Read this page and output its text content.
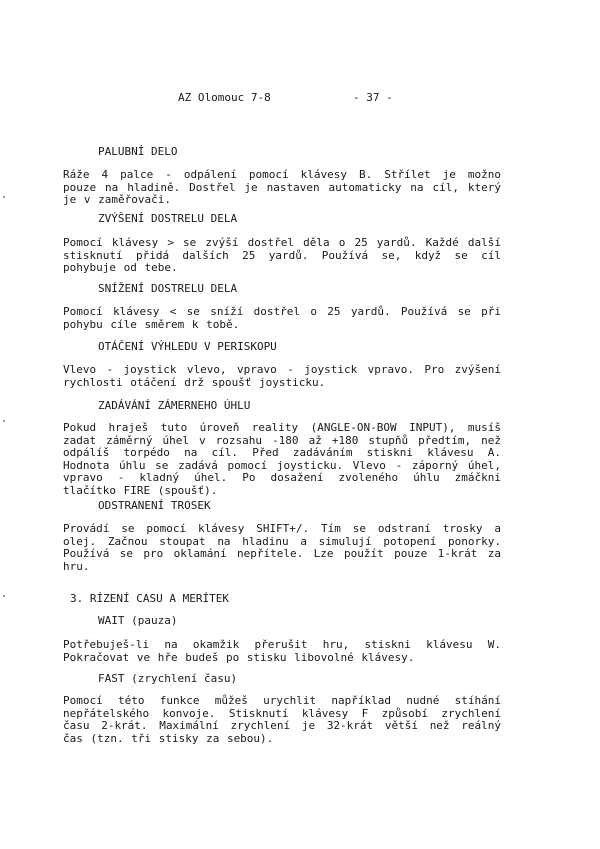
AZ Olomouc 7-8	- 37 -
PALUBNÍ DELO
Ráže 4 palce - odpálení pomocí klávesy B. Střílet je možno
pouze na hladině. Dostřel je nastaven automaticky na cíl, který
je v zaměřovači.
ZVÝŠENÍ DOSTRELU DELA
Pomocí klávesy > se zvýší dostřel děla o 25 yardů. Každé další
stisknutí přidá dalších 25 yardů. Používá se, když se cíl
pohybuje od tebe.
SNÍŽENÍ DOSTRELU DELA
Pomocí klávesy < se sníží dostřel o 25 yardů. Používá se při
pohybu cíle směrem k tobě.
OTÁČENÍ VÝHLEDU V PERISKOPU
Vlevo - joystick vlevo, vpravo - joystick vpravo. Pro zvýšení
rychlosti otáčení drž spoušť joysticku.
ZADÁVÁNÍ ZÁMERNEHO ÚHLU
Pokud hraješ tuto úroveň reality (ANGLE-ON-BOW INPUT), musíš
zadat záměrný úhel v rozsahu -180 až +180 stupňů předtím, než
odpálíš torpédo na cíl. Před zadáváním stiskni klávesu A.
Hodnota úhlu se zadává pomocí joysticku. Vlevo - záporný úhel,
vpravo - kladný úhel. Po dosažení zvoleného úhlu zmáčkni
tlačítko FIRE (spoušť).
ODSTRANENÍ TROSEK
Provádí se pomocí klávesy SHIFT+/. Tím se odstraní trosky a
olej. Začnou stoupat na hladinu a simulují potopení ponorky.
Používá se pro oklamání nepřítele. Lze použít pouze 1-krát za
hru.
3. RÍZENÍ CASU A MERÍTEK
WAIT (pauza)
Potřebuješ-li na okamžik přerušit hru, stiskni klávesu W.
Pokračovat ve hře budeš po stisku libovolné klávesy.
FAST (zrychlení času)
Pomocí této funkce můžeš urychlit například nudné stíhání
nepřátelského konvoje. Stisknutí klávesy F způsobí zrychlení
času 2-krát. Maximální zrychlení je 32-krát větší než reálný
čas (tzn. tři stisky za sebou).
